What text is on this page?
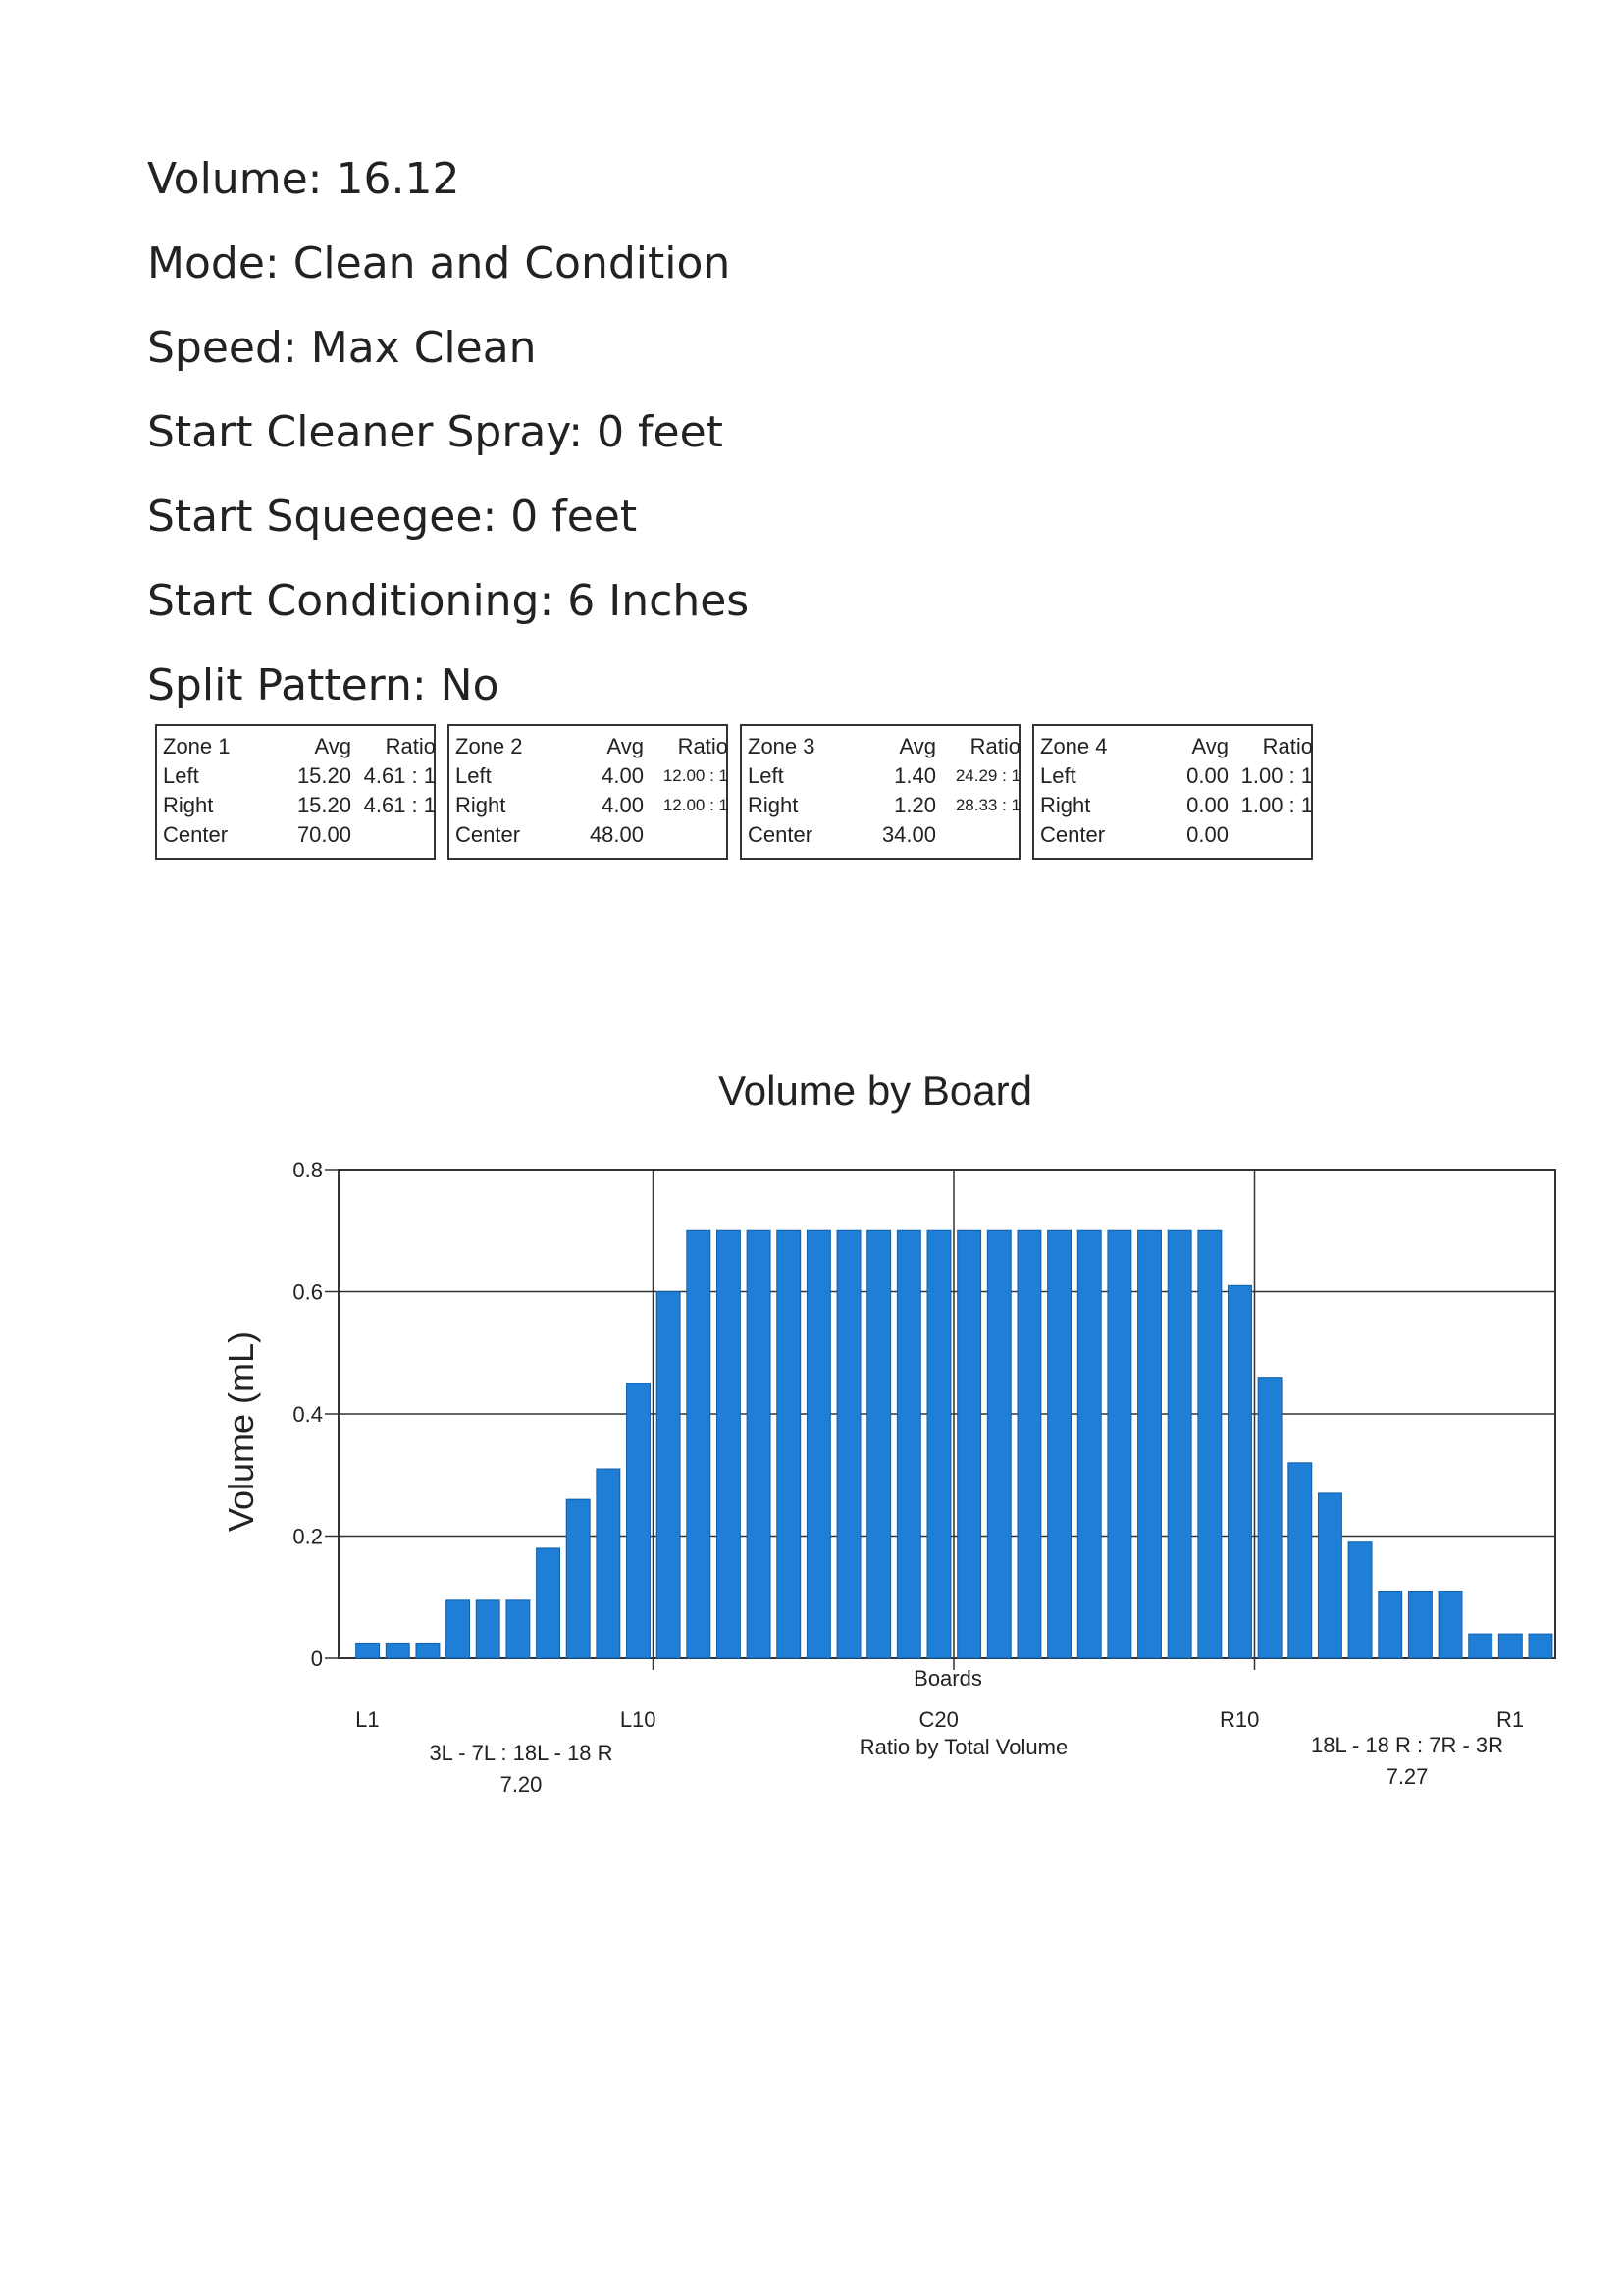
Volume : 16.12
Mode : Clean and Condition
Speed : Max Clean
Start Cleaner Spray : 0 feet
Start Squeegee : 0 feet
Start Conditioning : 6 Inches
Split Pattern : No
Zone 1	Avg	Ratio
Left	15.20 4.61 : 1
Right	15.20 4.61 : 1
Center	70.00
Zone 2	Avg	Ratio
Left	4.00	12.00 : 1
Right	4.00	12.00 : 1
Center	48.00
Zone 3	Avg	Ratio
Left	1.40	24.29 : 1
Right	1.20	28.33 : 1
Center	34.00
Zone 4	Avg	Ratio
Left	0.00 1.00 : 1
Right	0.00 1.00 : 1
Center	0.00
Volume by Board
0
0.2
0.4
0.6
0.8
L1	L10	C20	R10	R1
Boards
Volume (mL)
Ratio by Total Volume
3L - 7L : 18L - 18 R
7.20
18L - 18 R : 7R - 3R
7.27
